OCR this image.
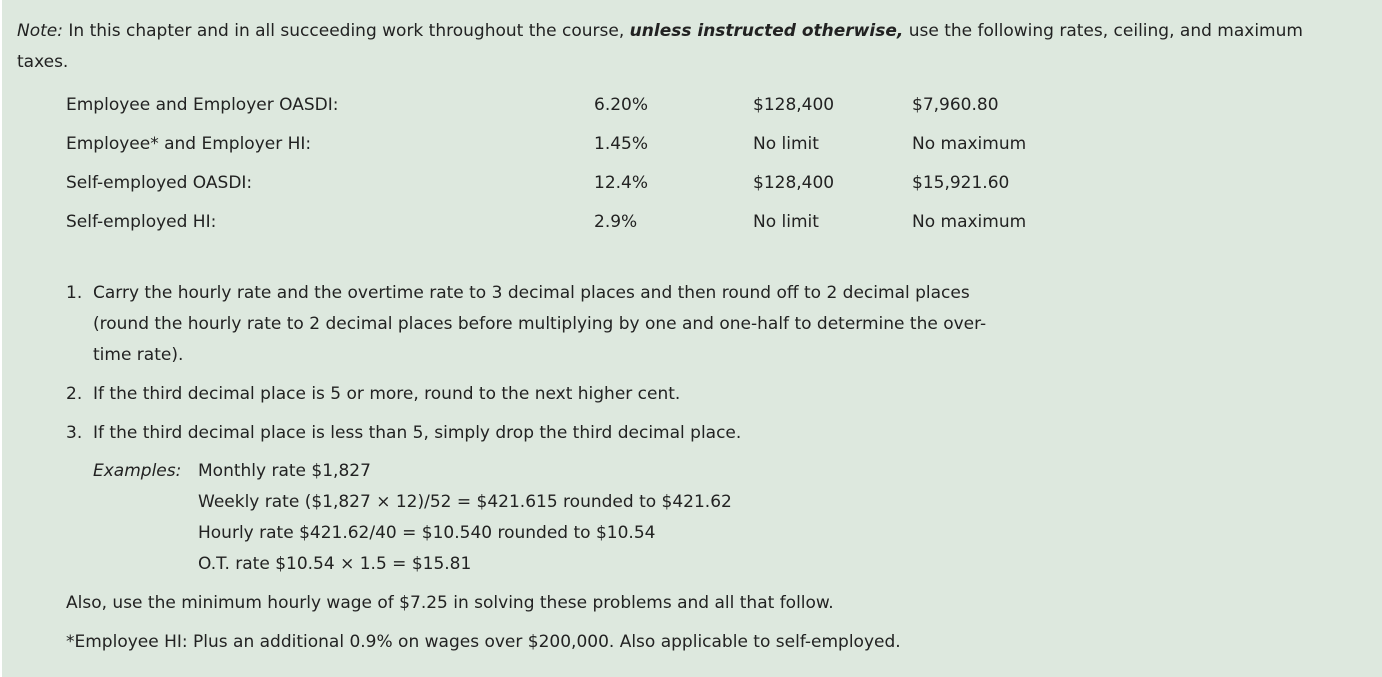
Note: In this chapter and in all succeeding work throughout the course, unless instructed otherwise, use the following rates, ceiling, and maximum taxes.

Employee and Employer OASDI:	6.20%	$128,400	$7,960.80
Employee* and Employer HI:	1.45%	No limit	No maximum
Self-employed OASDI:	12.4%	$128,400	$15,921.60
Self-employed HI:	2.9%	No limit	No maximum
1. Carry the hourly rate and the overtime rate to 3 decimal places and then round off to 2 decimal places
(round the hourly rate to 2 decimal places before multiplying by one and one-half to determine the over-
time rate).
2. If the third decimal place is 5 or more, round to the next higher cent.
3. If the third decimal place is less than 5, simply drop the third decimal place.
Examples: Monthly rate $1,827
Weekly rate ($1,827 × 12)/52 = $421.615 rounded to $421.62
Hourly rate $421.62/40 = $10.540 rounded to $10.54
O.T. rate $10.54 × 1.5 = $15.81
Also, use the minimum hourly wage of $7.25 in solving these problems and all that follow.
*Employee HI: Plus an additional 0.9% on wages over $200,000. Also applicable to self-employed.
